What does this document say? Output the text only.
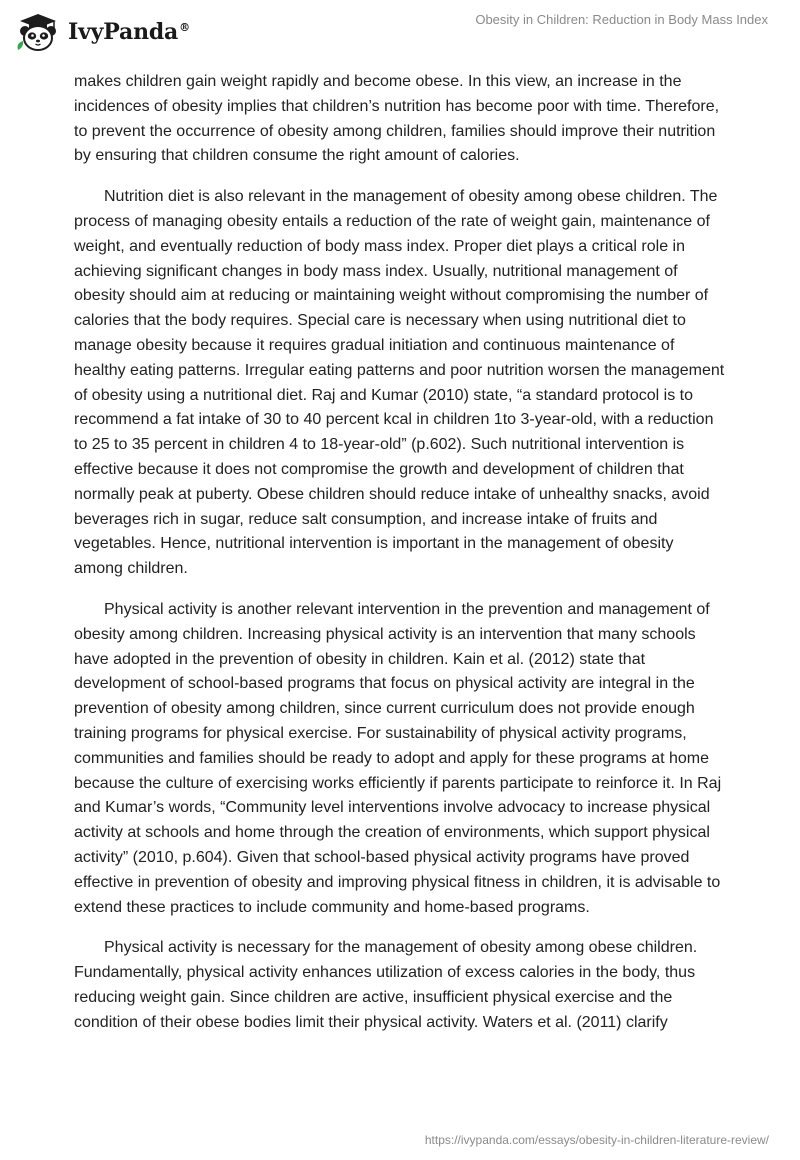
IvyPanda®
Obesity in Children: Reduction in Body Mass Index

makes children gain weight rapidly and become obese. In this view, an increase in the incidences of obesity implies that children’s nutrition has become poor with time. Therefore, to prevent the occurrence of obesity among children, families should improve their nutrition by ensuring that children consume the right amount of calories.

Nutrition diet is also relevant in the management of obesity among obese children. The process of managing obesity entails a reduction of the rate of weight gain, maintenance of weight, and eventually reduction of body mass index. Proper diet plays a critical role in achieving significant changes in body mass index. Usually, nutritional management of obesity should aim at reducing or maintaining weight without compromising the number of calories that the body requires. Special care is necessary when using nutritional diet to manage obesity because it requires gradual initiation and continuous maintenance of healthy eating patterns. Irregular eating patterns and poor nutrition worsen the management of obesity using a nutritional diet. Raj and Kumar (2010) state, “a standard protocol is to recommend a fat intake of 30 to 40 percent kcal in children 1to 3-year-old, with a reduction to 25 to 35 percent in children 4 to 18-year-old” (p.602). Such nutritional intervention is effective because it does not compromise the growth and development of children that normally peak at puberty. Obese children should reduce intake of unhealthy snacks, avoid beverages rich in sugar, reduce salt consumption, and increase intake of fruits and vegetables. Hence, nutritional intervention is important in the management of obesity among children.

Physical activity is another relevant intervention in the prevention and management of obesity among children. Increasing physical activity is an intervention that many schools have adopted in the prevention of obesity in children. Kain et al. (2012) state that development of school-based programs that focus on physical activity are integral in the prevention of obesity among children, since current curriculum does not provide enough training programs for physical exercise. For sustainability of physical activity programs, communities and families should be ready to adopt and apply for these programs at home because the culture of exercising works efficiently if parents participate to reinforce it. In Raj and Kumar’s words, “Community level interventions involve advocacy to increase physical activity at schools and home through the creation of environments, which support physical activity” (2010, p.604). Given that school-based physical activity programs have proved effective in prevention of obesity and improving physical fitness in children, it is advisable to extend these practices to include community and home-based programs.

Physical activity is necessary for the management of obesity among obese children. Fundamentally, physical activity enhances utilization of excess calories in the body, thus reducing weight gain. Since children are active, insufficient physical exercise and the condition of their obese bodies limit their physical activity. Waters et al. (2011) clarify

https://ivypanda.com/essays/obesity-in-children-literature-review/
